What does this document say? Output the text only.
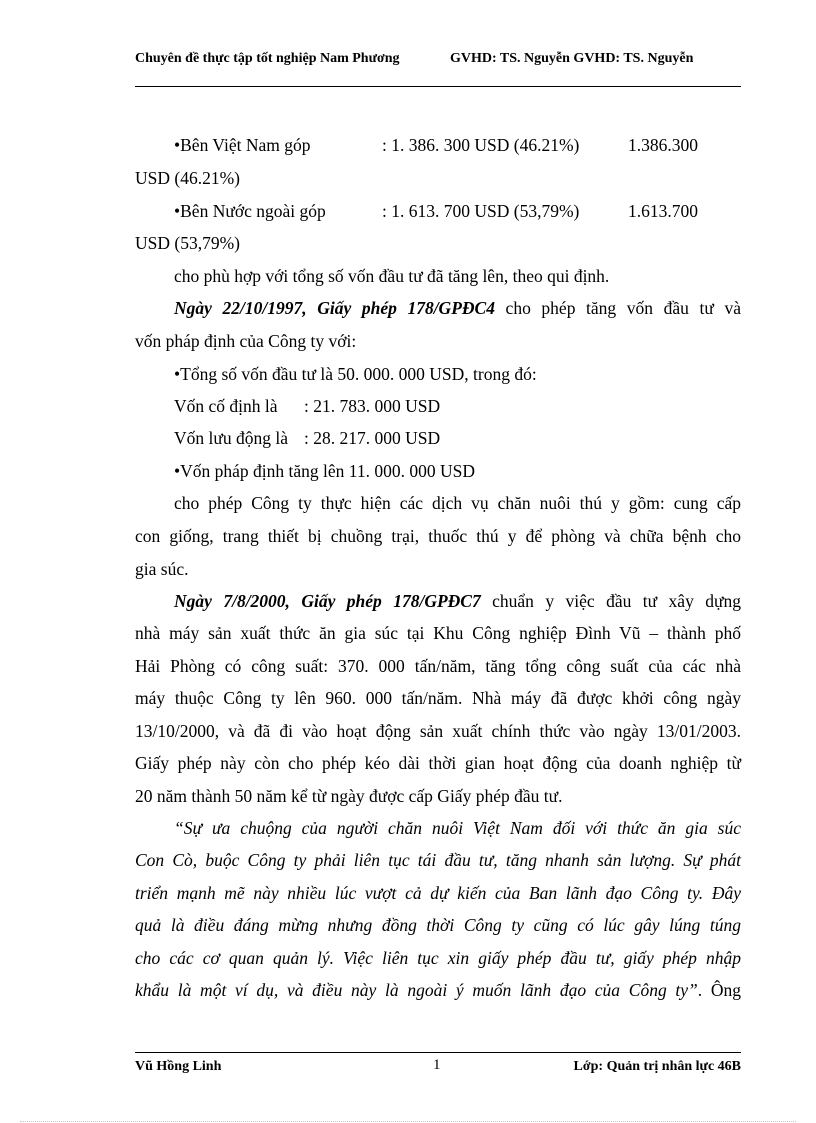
Chuyên đề thực tập tốt nghiệp Nam Phương	GVHD: TS. Nguyễn GVHD: TS. Nguyễn
•Bên Việt Nam góp	: 1. 386. 300 USD (46.21%)	1.386.300
USD (46.21%)
•Bên Nước ngoài góp	: 1. 613. 700 USD (53,79%)	1.613.700
USD (53,79%)
cho phù hợp với tổng số vốn đầu tư đã tăng lên, theo qui định.
Ngày 22/10/1997, Giấy phép 178/GPĐC4 cho phép tăng vốn đầu tư và
vốn pháp định của Công ty với:
•Tổng số vốn đầu tư là 50. 000. 000 USD, trong đó:
Vốn cố định là : 21. 783. 000 USD
Vốn lưu động là : 28. 217. 000 USD
•Vốn pháp định tăng lên 11. 000. 000 USD
cho phép Công ty thực hiện các dịch vụ chăn nuôi thú y gồm: cung cấp
con giống, trang thiết bị chuồng trại, thuốc thú y để phòng và chữa bệnh cho
gia súc.
Ngày 7/8/2000, Giấy phép 178/GPĐC7 chuẩn y việc đầu tư xây dựng
nhà máy sản xuất thức ăn gia súc tại Khu Công nghiệp Đình Vũ – thành phố
Hải Phòng có công suất: 370. 000 tấn/năm, tăng tổng công suất của các nhà
máy thuộc Công ty lên 960. 000 tấn/năm. Nhà máy đã được khởi công ngày
13/10/2000, và đã đi vào hoạt động sản xuất chính thức vào ngày 13/01/2003.
Giấy phép này còn cho phép kéo dài thời gian hoạt động của doanh nghiệp từ
20 năm thành 50 năm kể từ ngày được cấp Giấy phép đầu tư.
“Sự ưa chuộng của người chăn nuôi Việt Nam đối với thức ăn gia súc
Con Cò, buộc Công ty phải liên tục tái đầu tư, tăng nhanh sản lượng. Sự phát
triển mạnh mẽ này nhiều lúc vượt cả dự kiến của Ban lãnh đạo Công ty. Đây
quả là điều đáng mừng nhưng đồng thời Công ty cũng có lúc gây lúng túng
cho các cơ quan quản lý. Việc liên tục xin giấy phép đầu tư, giấy phép nhập
khẩu là một ví dụ, và điều này là ngoài ý muốn lãnh đạo của Công ty”. Ông
Vũ Hồng Linh	1	Lớp: Quản trị nhân lực 46B
